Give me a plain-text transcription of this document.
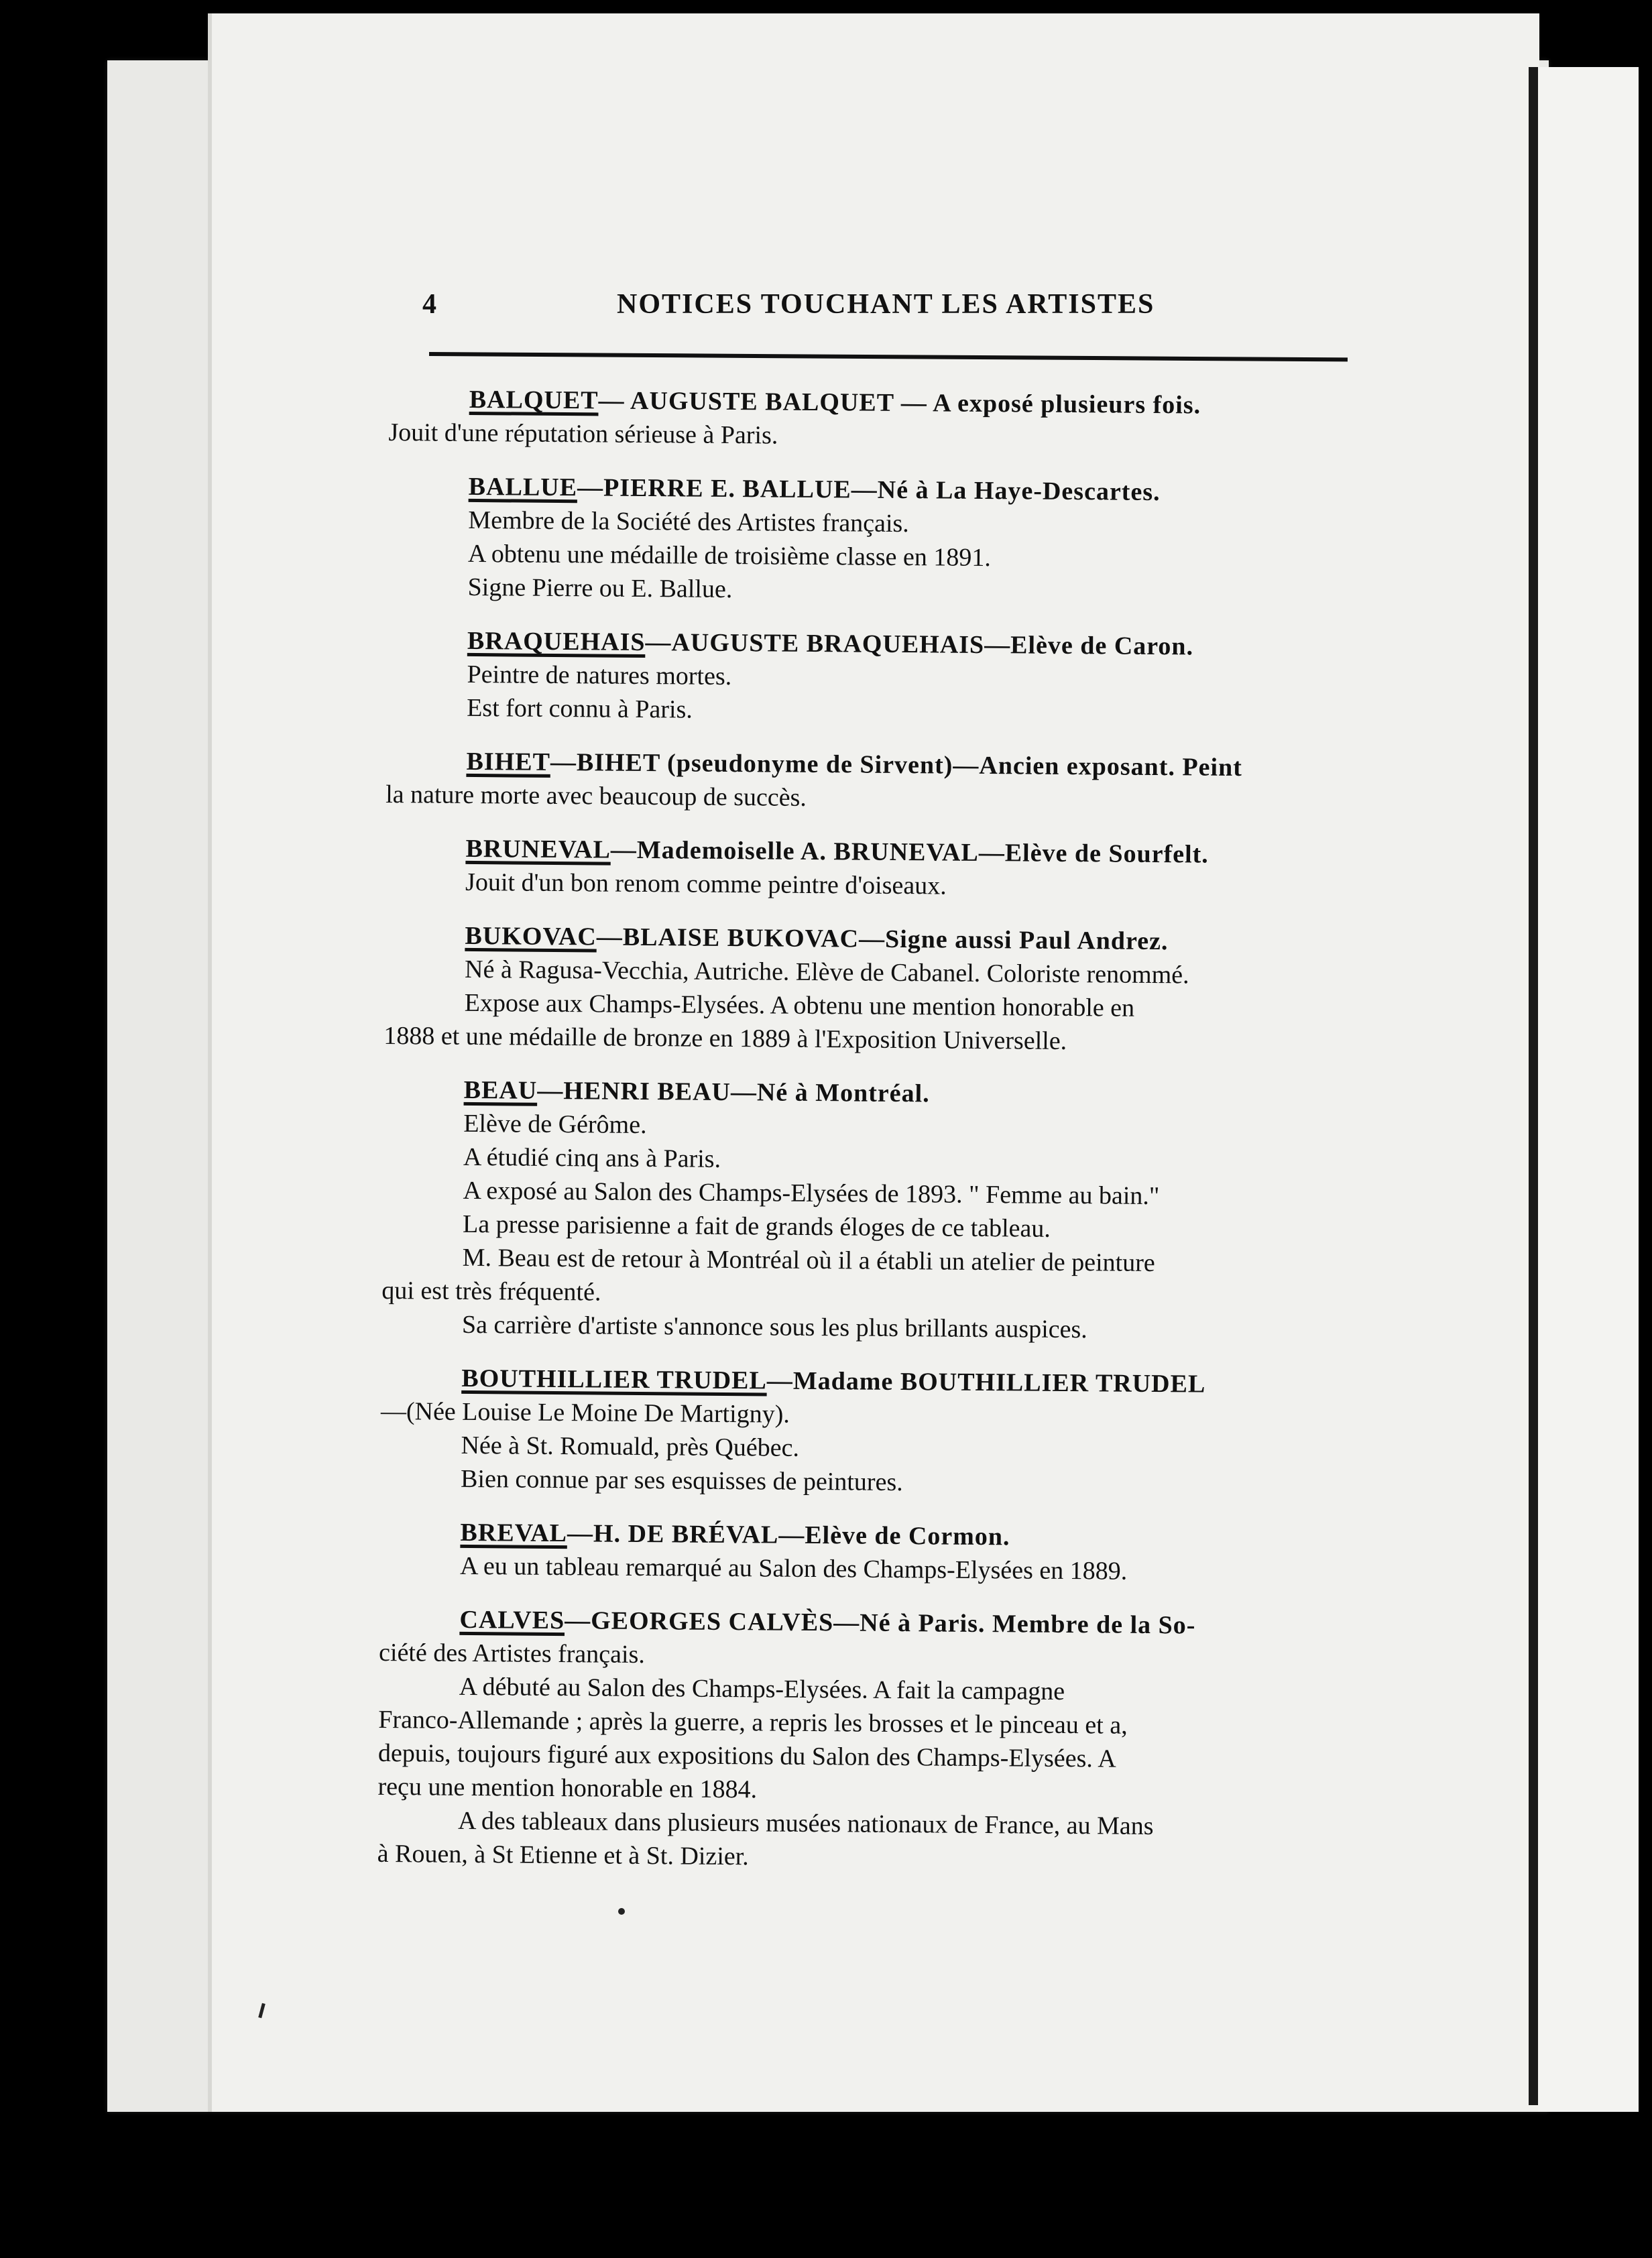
4	NOTICES TOUCHANT LES ARTISTES
BALQUET— AUGUSTE BALQUET — A exposé plusieurs fois.
Jouit d'une réputation sérieuse à Paris.
BALLUE—PIERRE E. BALLUE—Né à La Haye-Descartes.
Membre de la Société des Artistes français.
A obtenu une médaille de troisième classe en 1891.
Signe Pierre ou E. Ballue.
BRAQUEHAIS—AUGUSTE BRAQUEHAIS—Elève de Caron.
Peintre de natures mortes.
Est fort connu à Paris.
BIHET—BIHET (pseudonyme de Sirvent)—Ancien exposant. Peint
la nature morte avec beaucoup de succès.
BRUNEVAL—Mademoiselle A. BRUNEVAL—Elève de Sourfelt.
Jouit d'un bon renom comme peintre d'oiseaux.
BUKOVAC—BLAISE BUKOVAC—Signe aussi Paul Andrez.
Né à Ragusa-Vecchia, Autriche. Elève de Cabanel. Coloriste renommé.
Expose aux Champs-Elysées. A obtenu une mention honorable en
1888 et une médaille de bronze en 1889 à l'Exposition Universelle.
BEAU—HENRI BEAU—Né à Montréal.
Elève de Gérôme.
A étudié cinq ans à Paris.
A exposé au Salon des Champs-Elysées de 1893. " Femme au bain."
La presse parisienne a fait de grands éloges de ce tableau.
M. Beau est de retour à Montréal où il a établi un atelier de peinture
qui est très fréquenté.
Sa carrière d'artiste s'annonce sous les plus brillants auspices.
BOUTHILLIER TRUDEL—Madame BOUTHILLIER TRUDEL
—(Née Louise Le Moine De Martigny).
Née à St. Romuald, près Québec.
Bien connue par ses esquisses de peintures.
BREVAL—H. DE BRÉVAL—Elève de Cormon.
A eu un tableau remarqué au Salon des Champs-Elysées en 1889.
CALVES—GEORGES CALVÈS—Né à Paris. Membre de la So-
ciété des Artistes français.
A débuté au Salon des Champs-Elysées. A fait la campagne
Franco-Allemande ; après la guerre, a repris les brosses et le pinceau et a,
depuis, toujours figuré aux expositions du Salon des Champs-Elysées. A
reçu une mention honorable en 1884.
A des tableaux dans plusieurs musées nationaux de France, au Mans
à Rouen, à St Etienne et à St. Dizier.
